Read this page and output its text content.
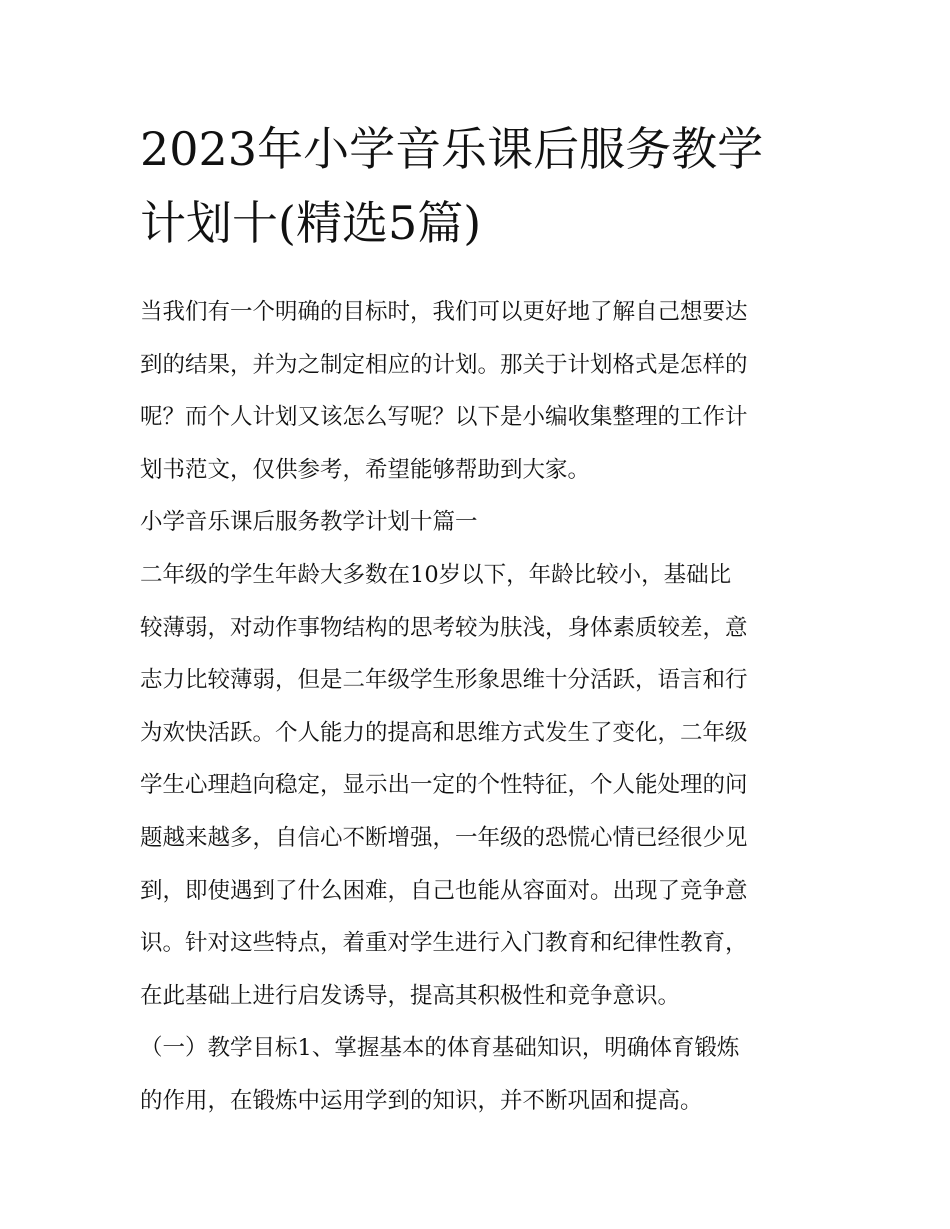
2023年小学音乐课后服务教学
计划十(精选5篇)
当我们有一个明确的目标时，我们可以更好地了解自己想要达
到的结果，并为之制定相应的计划。那关于计划格式是怎样的
呢？而个人计划又该怎么写呢？以下是小编收集整理的工作计
划书范文，仅供参考，希望能够帮助到大家。
小学音乐课后服务教学计划十篇一
二年级的学生年龄大多数在10岁以下，年龄比较小，基础比
较薄弱，对动作事物结构的思考较为肤浅，身体素质较差，意
志力比较薄弱，但是二年级学生形象思维十分活跃，语言和行
为欢快活跃。个人能力的提高和思维方式发生了变化，二年级
学生心理趋向稳定，显示出一定的个性特征，个人能处理的问
题越来越多，自信心不断增强，一年级的恐慌心情已经很少见
到，即使遇到了什么困难，自己也能从容面对。出现了竞争意
识。针对这些特点，着重对学生进行入门教育和纪律性教育，
在此基础上进行启发诱导，提高其积极性和竞争意识。
（一）教学目标1、掌握基本的体育基础知识，明确体育锻炼
的作用，在锻炼中运用学到的知识，并不断巩固和提高。
